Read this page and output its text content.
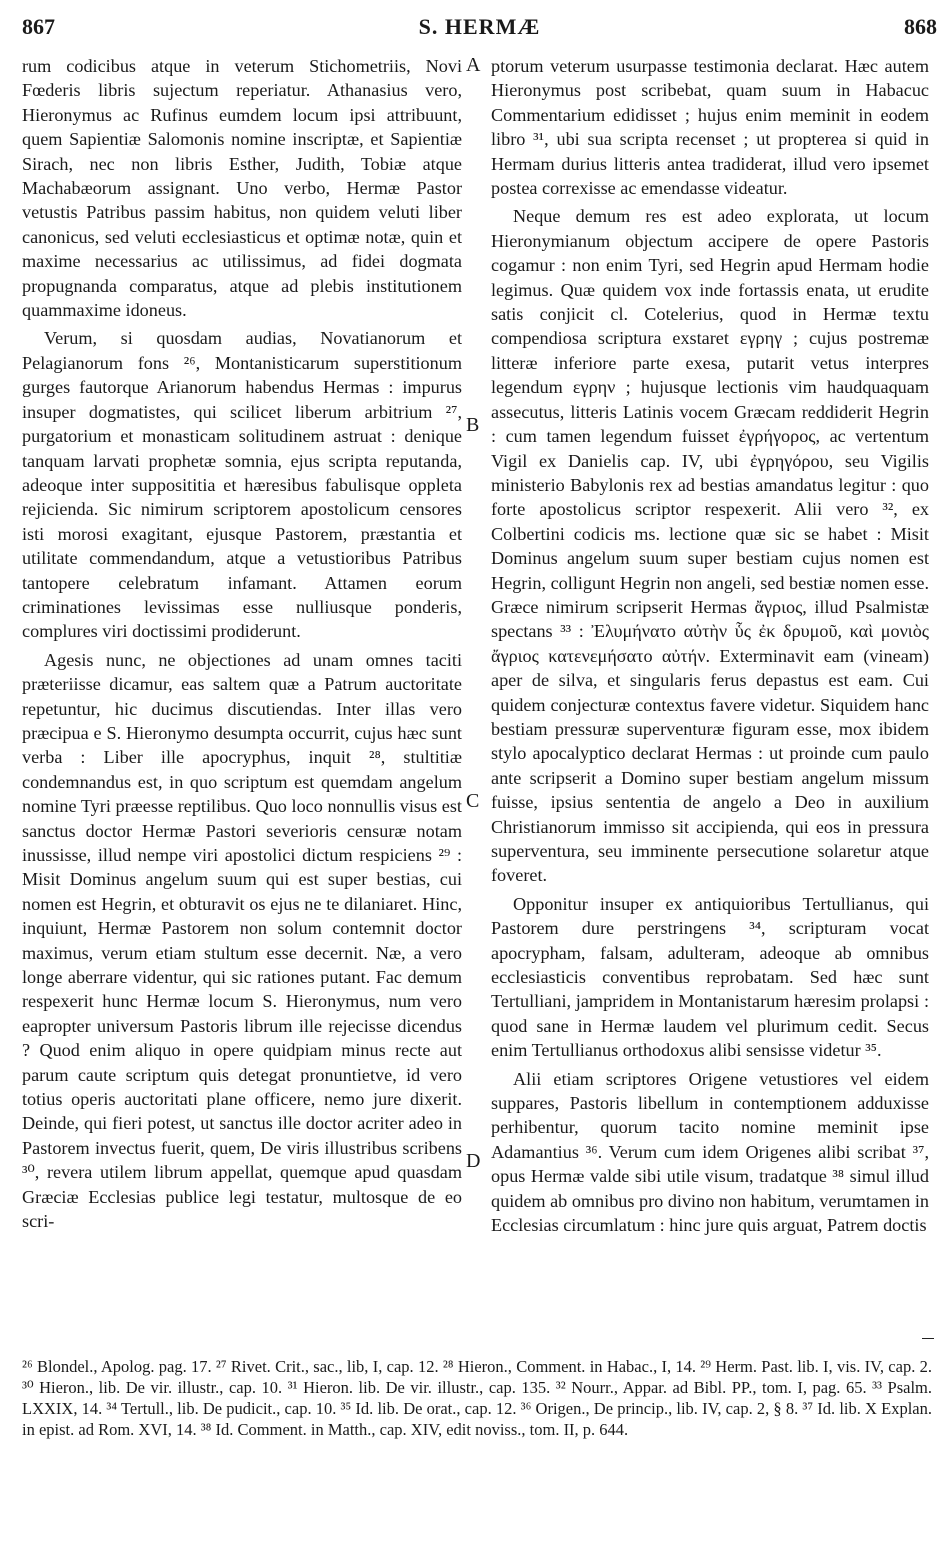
867	S. HERMÆ	868

rum codicibus atque in veterum Stichometriis, Novi Fœderis libris sujectum reperiatur. Athanasius vero, Hieronymus ac Rufinus eumdem locum ipsi attribuunt, quem Sapientiæ Salomonis nomine inscriptæ, et Sapientiæ Sirach, nec non libris Esther, Judith, Tobiæ atque Machabæorum assignant. Uno verbo, Hermæ Pastor vetustis Patribus passim habitus, non quidem veluti liber canonicus, sed veluti ecclesiasticus et optimæ notæ, quin et maxime necessarius ac utilissimus, ad fidei dogmata propugnanda comparatus, atque ad plebis institutionem quammaxime idoneus.

Verum, si quosdam audias, Novatianorum et Pelagianorum fons ²⁶, Montanisticarum superstitionum gurges fautorque Arianorum habendus Hermas : impurus insuper dogmatistes, qui scilicet liberum arbitrium ²⁷, purgatorium et monasticam solitudinem astruat : denique tanquam larvati prophetæ somnia, ejus scripta reputanda, adeoque inter supposititia et hæresibus fabulisque oppleta rejicienda. Sic nimirum scriptorem apostolicum censores isti morosi exagitant, ejusque Pastorem, præstantia et utilitate commendandum, atque a vetustioribus Patribus tantopere celebratum infamant. Attamen eorum criminationes levissimas esse nulliusque ponderis, complures viri doctissimi prodiderunt.

Agesis nunc, ne objectiones ad unam omnes taciti præteriisse dicamur, eas saltem quæ a Patrum auctoritate repetuntur, hic ducimus discutiendas. Inter illas vero præcipua e S. Hieronymo desumpta occurrit, cujus hæc sunt verba : Liber ille apocryphus, inquit ²⁸, stultitiæ condemnandus est, in quo scriptum est quemdam angelum nomine Tyri præesse reptilibus. Quo loco nonnullis visus est sanctus doctor Hermæ Pastori severioris censuræ notam inussisse, illud nempe viri apostolici dictum respiciens ²⁹ : Misit Dominus angelum suum qui est super bestias, cui nomen est Hegrin, et obturavit os ejus ne te dilaniaret. Hinc, inquiunt, Hermæ Pastorem non solum contemnit doctor maximus, verum etiam stultum esse decernit. Næ, a vero longe aberrare videntur, qui sic rationes putant. Fac demum respexerit hunc Hermæ locum S. Hieronymus, num vero eapropter universum Pastoris librum ille rejecisse dicendus ? Quod enim aliquo in opere quidpiam minus recte aut parum caute scriptum quis detegat pronuntietve, id vero totius operis auctoritati plane officere, nemo jure dixerit. Deinde, qui fieri potest, ut sanctus ille doctor acriter adeo in Pastorem invectus fuerit, quem, De viris illustribus scribens ³⁰, revera utilem librum appellat, quemque apud quasdam Græciæ Ecclesias publice legi testatur, multosque de eo scri-

ptorum veterum usurpasse testimonia declarat. Hæc autem Hieronymus post scribebat, quam suum in Habacuc Commentarium edidisset ; hujus enim meminit in eodem libro ³¹, ubi sua scripta recenset ; ut propterea si quid in Hermam durius litteris antea tradiderat, illud vero ipsemet postea correxisse ac emendasse videatur.

Neque demum res est adeo explorata, ut locum Hieronymianum objectum accipere de opere Pastoris cogamur : non enim Tyri, sed Hegrin apud Hermam hodie legimus. Quæ quidem vox inde fortassis enata, ut erudite satis conjicit cl. Cotelerius, quod in Hermæ textu compendiosa scriptura exstaret εγρηγ ; cujus postremæ litteræ inferiore parte exesa, putarit vetus interpres legendum εγρην ; hujusque lectionis vim haudquaquam assecutus, litteris Latinis vocem Græcam reddiderit Hegrin : cum tamen legendum fuisset ἐγρήγορος, ac vertentum Vigil ex Danielis cap. IV, ubi ἐγρηγόρου, seu Vigilis ministerio Babylonis rex ad bestias amandatus legitur : quo forte apostolicus scriptor respexerit. Alii vero ³², ex Colbertini codicis ms. lectione quæ sic se habet : Misit Dominus angelum suum super bestiam cujus nomen est Hegrin, colligunt Hegrin non angeli, sed bestiæ nomen esse. Græce nimirum scripserit Hermas ἄγριος, illud Psalmistæ spectans ³³ : Ἐλυμήνατο αὐτὴν ὗς ἐκ δρυμοῦ, καὶ μονιὸς ἄγριος κατενεμήσατο αὐτήν. Exterminavit eam (vineam) aper de silva, et singularis ferus depastus est eam. Cui quidem conjecturæ contextus favere videtur. Siquidem hanc bestiam pressuræ superventuræ figuram esse, mox ibidem stylo apocalyptico declarat Hermas : ut proinde cum paulo ante scripserit a Domino super bestiam angelum missum fuisse, ipsius sententia de angelo a Deo in auxilium Christianorum immisso sit accipienda, qui eos in pressura superventura, seu imminente persecutione solaretur atque foveret.

Opponitur insuper ex antiquioribus Tertullianus, qui Pastorem dure perstringens ³⁴, scripturam vocat apocrypham, falsam, adulteram, adeoque ab omnibus ecclesiasticis conventibus reprobatam. Sed hæc sunt Tertulliani, jampridem in Montanistarum hæresim prolapsi : quod sane in Hermæ laudem vel plurimum cedit. Secus enim Tertullianus orthodoxus alibi sensisse videtur ³⁵.

Alii etiam scriptores Origene vetustiores vel eidem suppares, Pastoris libellum in contemptionem adduxisse perhibentur, quorum tacito nomine meminit ipse Adamantius ³⁶. Verum cum idem Origenes alibi scribat ³⁷, opus Hermæ valde sibi utile visum, tradatque ³⁸ simul illud quidem ab omnibus pro divino non habitum, verumtamen in Ecclesias circumlatum : hinc jure quis arguat, Patrem doctis

A
B
C
D

²⁶ Blondel., Apolog. pag. 17. ²⁷ Rivet. Crit., sac., lib, I, cap. 12. ²⁸ Hieron., Comment. in Habac., I, 14. ²⁹ Herm. Past. lib. I, vis. IV, cap. 2. ³⁰ Hieron., lib. De vir. illustr., cap. 10. ³¹ Hieron. lib. De vir. illustr., cap. 135. ³² Nourr., Appar. ad Bibl. PP., tom. I, pag. 65. ³³ Psalm. LXXIX, 14. ³⁴ Tertull., lib. De pudicit., cap. 10. ³⁵ Id. lib. De orat., cap. 12. ³⁶ Origen., De princip., lib. IV, cap. 2, § 8. ³⁷ Id. lib. X Explan. in epist. ad Rom. XVI, 14. ³⁸ Id. Comment. in Matth., cap. XIV, edit noviss., tom. II, p. 644.
